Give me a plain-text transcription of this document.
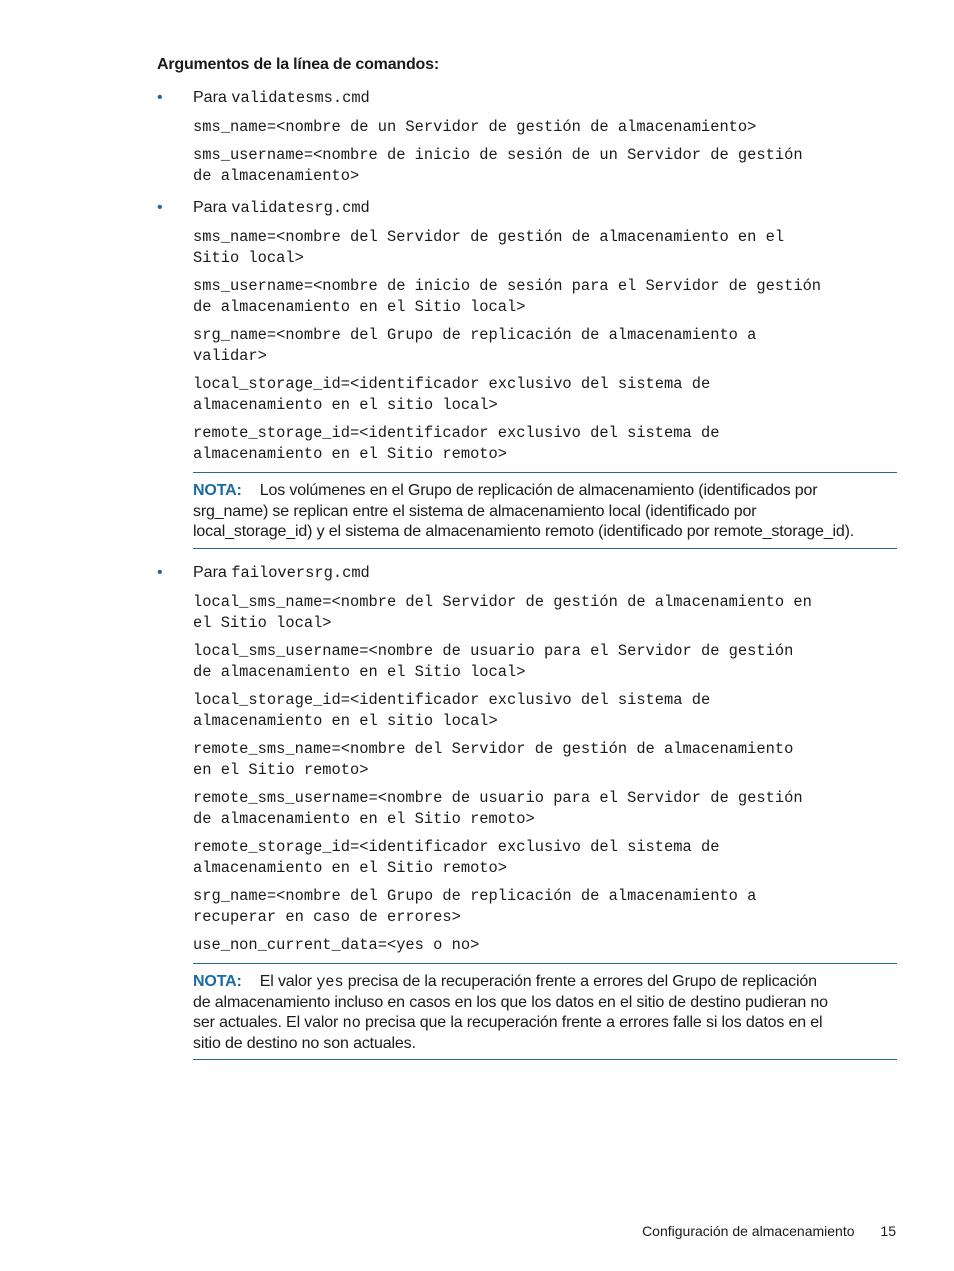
Argumentos de la línea de comandos:
• Para validatesms.cmd
sms_name=<nombre de un Servidor de gestión de almacenamiento>
sms_username=<nombre de inicio de sesión de un Servidor de gestión
de almacenamiento>
• Para validatesrg.cmd
sms_name=<nombre del Servidor de gestión de almacenamiento en el
Sitio local>
sms_username=<nombre de inicio de sesión para el Servidor de gestión
de almacenamiento en el Sitio local>
srg_name=<nombre del Grupo de replicación de almacenamiento a
validar>
local_storage_id=<identificador exclusivo del sistema de
almacenamiento en el sitio local>
remote_storage_id=<identificador exclusivo del sistema de
almacenamiento en el Sitio remoto>
NOTA: Los volúmenes en el Grupo de replicación de almacenamiento (identificados por
srg_name) se replican entre el sistema de almacenamiento local (identificado por
local_storage_id) y el sistema de almacenamiento remoto (identificado por remote_storage_id).
• Para failoversrg.cmd
local_sms_name=<nombre del Servidor de gestión de almacenamiento en
el Sitio local>
local_sms_username=<nombre de usuario para el Servidor de gestión
de almacenamiento en el Sitio local>
local_storage_id=<identificador exclusivo del sistema de
almacenamiento en el sitio local>
remote_sms_name=<nombre del Servidor de gestión de almacenamiento
en el Sitio remoto>
remote_sms_username=<nombre de usuario para el Servidor de gestión
de almacenamiento en el Sitio remoto>
remote_storage_id=<identificador exclusivo del sistema de
almacenamiento en el Sitio remoto>
srg_name=<nombre del Grupo de replicación de almacenamiento a
recuperar en caso de errores>
use_non_current_data=<yes o no>
NOTA: El valor yes precisa de la recuperación frente a errores del Grupo de replicación
de almacenamiento incluso en casos en los que los datos en el sitio de destino pudieran no
ser actuales. El valor no precisa que la recuperación frente a errores falle si los datos en el
sitio de destino no son actuales.
Configuración de almacenamiento 15
